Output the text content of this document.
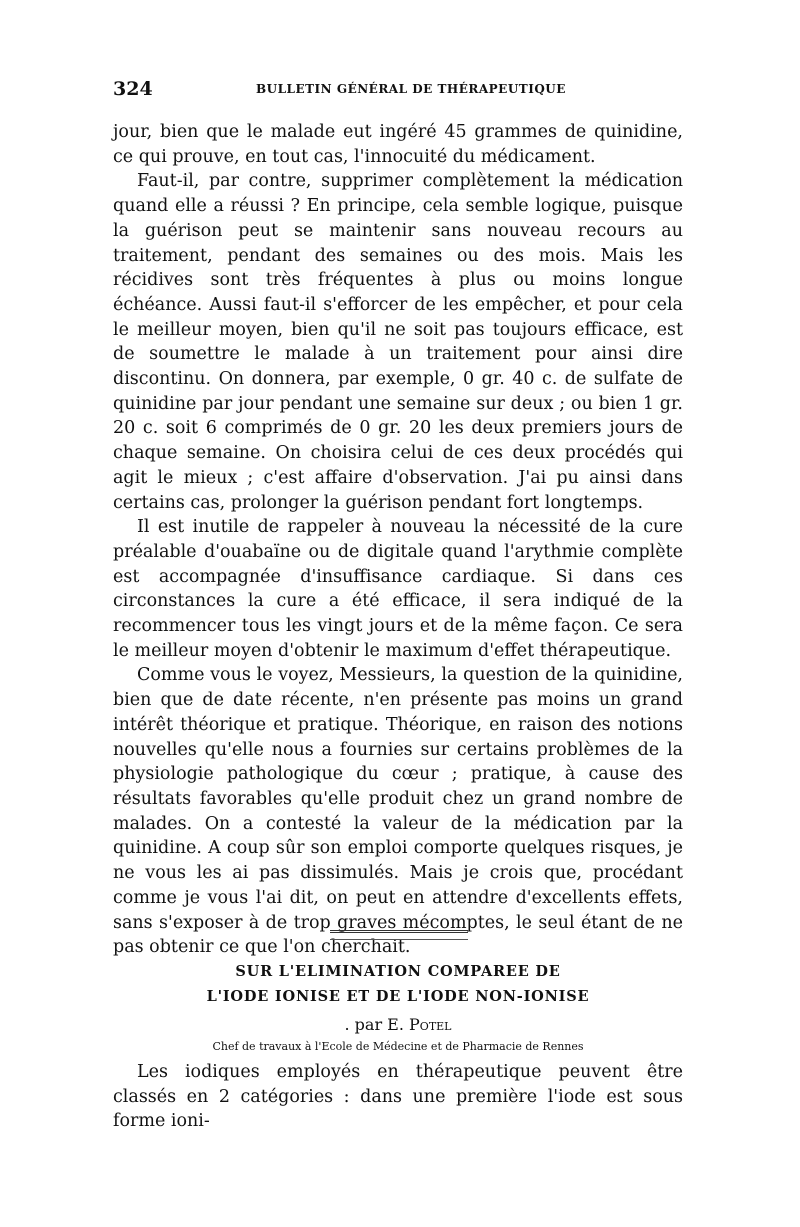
324	BULLETIN GÉNÉRAL DE THÉRAPEUTIQUE

jour, bien que le malade eut ingéré 45 grammes de quinidine, ce qui prouve, en tout cas, l'innocuité du médicament.

Faut-il, par contre, supprimer complètement la médication quand elle a réussi ? En principe, cela semble logique, puisque la guérison peut se maintenir sans nouveau recours au traitement, pendant des semaines ou des mois. Mais les récidives sont très fréquentes à plus ou moins longue échéance. Aussi faut-il s'efforcer de les empêcher, et pour cela le meilleur moyen, bien qu'il ne soit pas toujours efficace, est de soumettre le malade à un traitement pour ainsi dire discontinu. On donnera, par exemple, 0 gr. 40 c. de sulfate de quinidine par jour pendant une semaine sur deux ; ou bien 1 gr. 20 c. soit 6 comprimés de 0 gr. 20 les deux premiers jours de chaque semaine. On choisira celui de ces deux procédés qui agit le mieux ; c'est affaire d'observation. J'ai pu ainsi dans certains cas, prolonger la guérison pendant fort longtemps.

Il est inutile de rappeler à nouveau la nécessité de la cure préalable d'ouabaïne ou de digitale quand l'arythmie complète est accompagnée d'insuffisance cardiaque. Si dans ces circonstances la cure a été efficace, il sera indiqué de la recommencer tous les vingt jours et de la même façon. Ce sera le meilleur moyen d'obtenir le maximum d'effet thérapeutique.

Comme vous le voyez, Messieurs, la question de la quinidine, bien que de date récente, n'en présente pas moins un grand intérêt théorique et pratique. Théorique, en raison des notions nouvelles qu'elle nous a fournies sur certains problèmes de la physiologie pathologique du cœur ; pratique, à cause des résultats favorables qu'elle produit chez un grand nombre de malades. On a contesté la valeur de la médication par la quinidine. A coup sûr son emploi comporte quelques risques, je ne vous les ai pas dissimulés. Mais je crois que, procédant comme je vous l'ai dit, on peut en attendre d'excellents effets, sans s'exposer à de trop graves mécomptes, le seul étant de ne pas obtenir ce que l'on cherchait.

SUR L'ELIMINATION COMPAREE DE
L'IODE IONISE ET DE L'IODE NON-IONISE
. par E. Potel
Chef de travaux à l'Ecole de Médecine et de Pharmacie de Rennes

Les iodiques employés en thérapeutique peuvent être classés en 2 catégories : dans une première l'iode est sous forme ioni-
